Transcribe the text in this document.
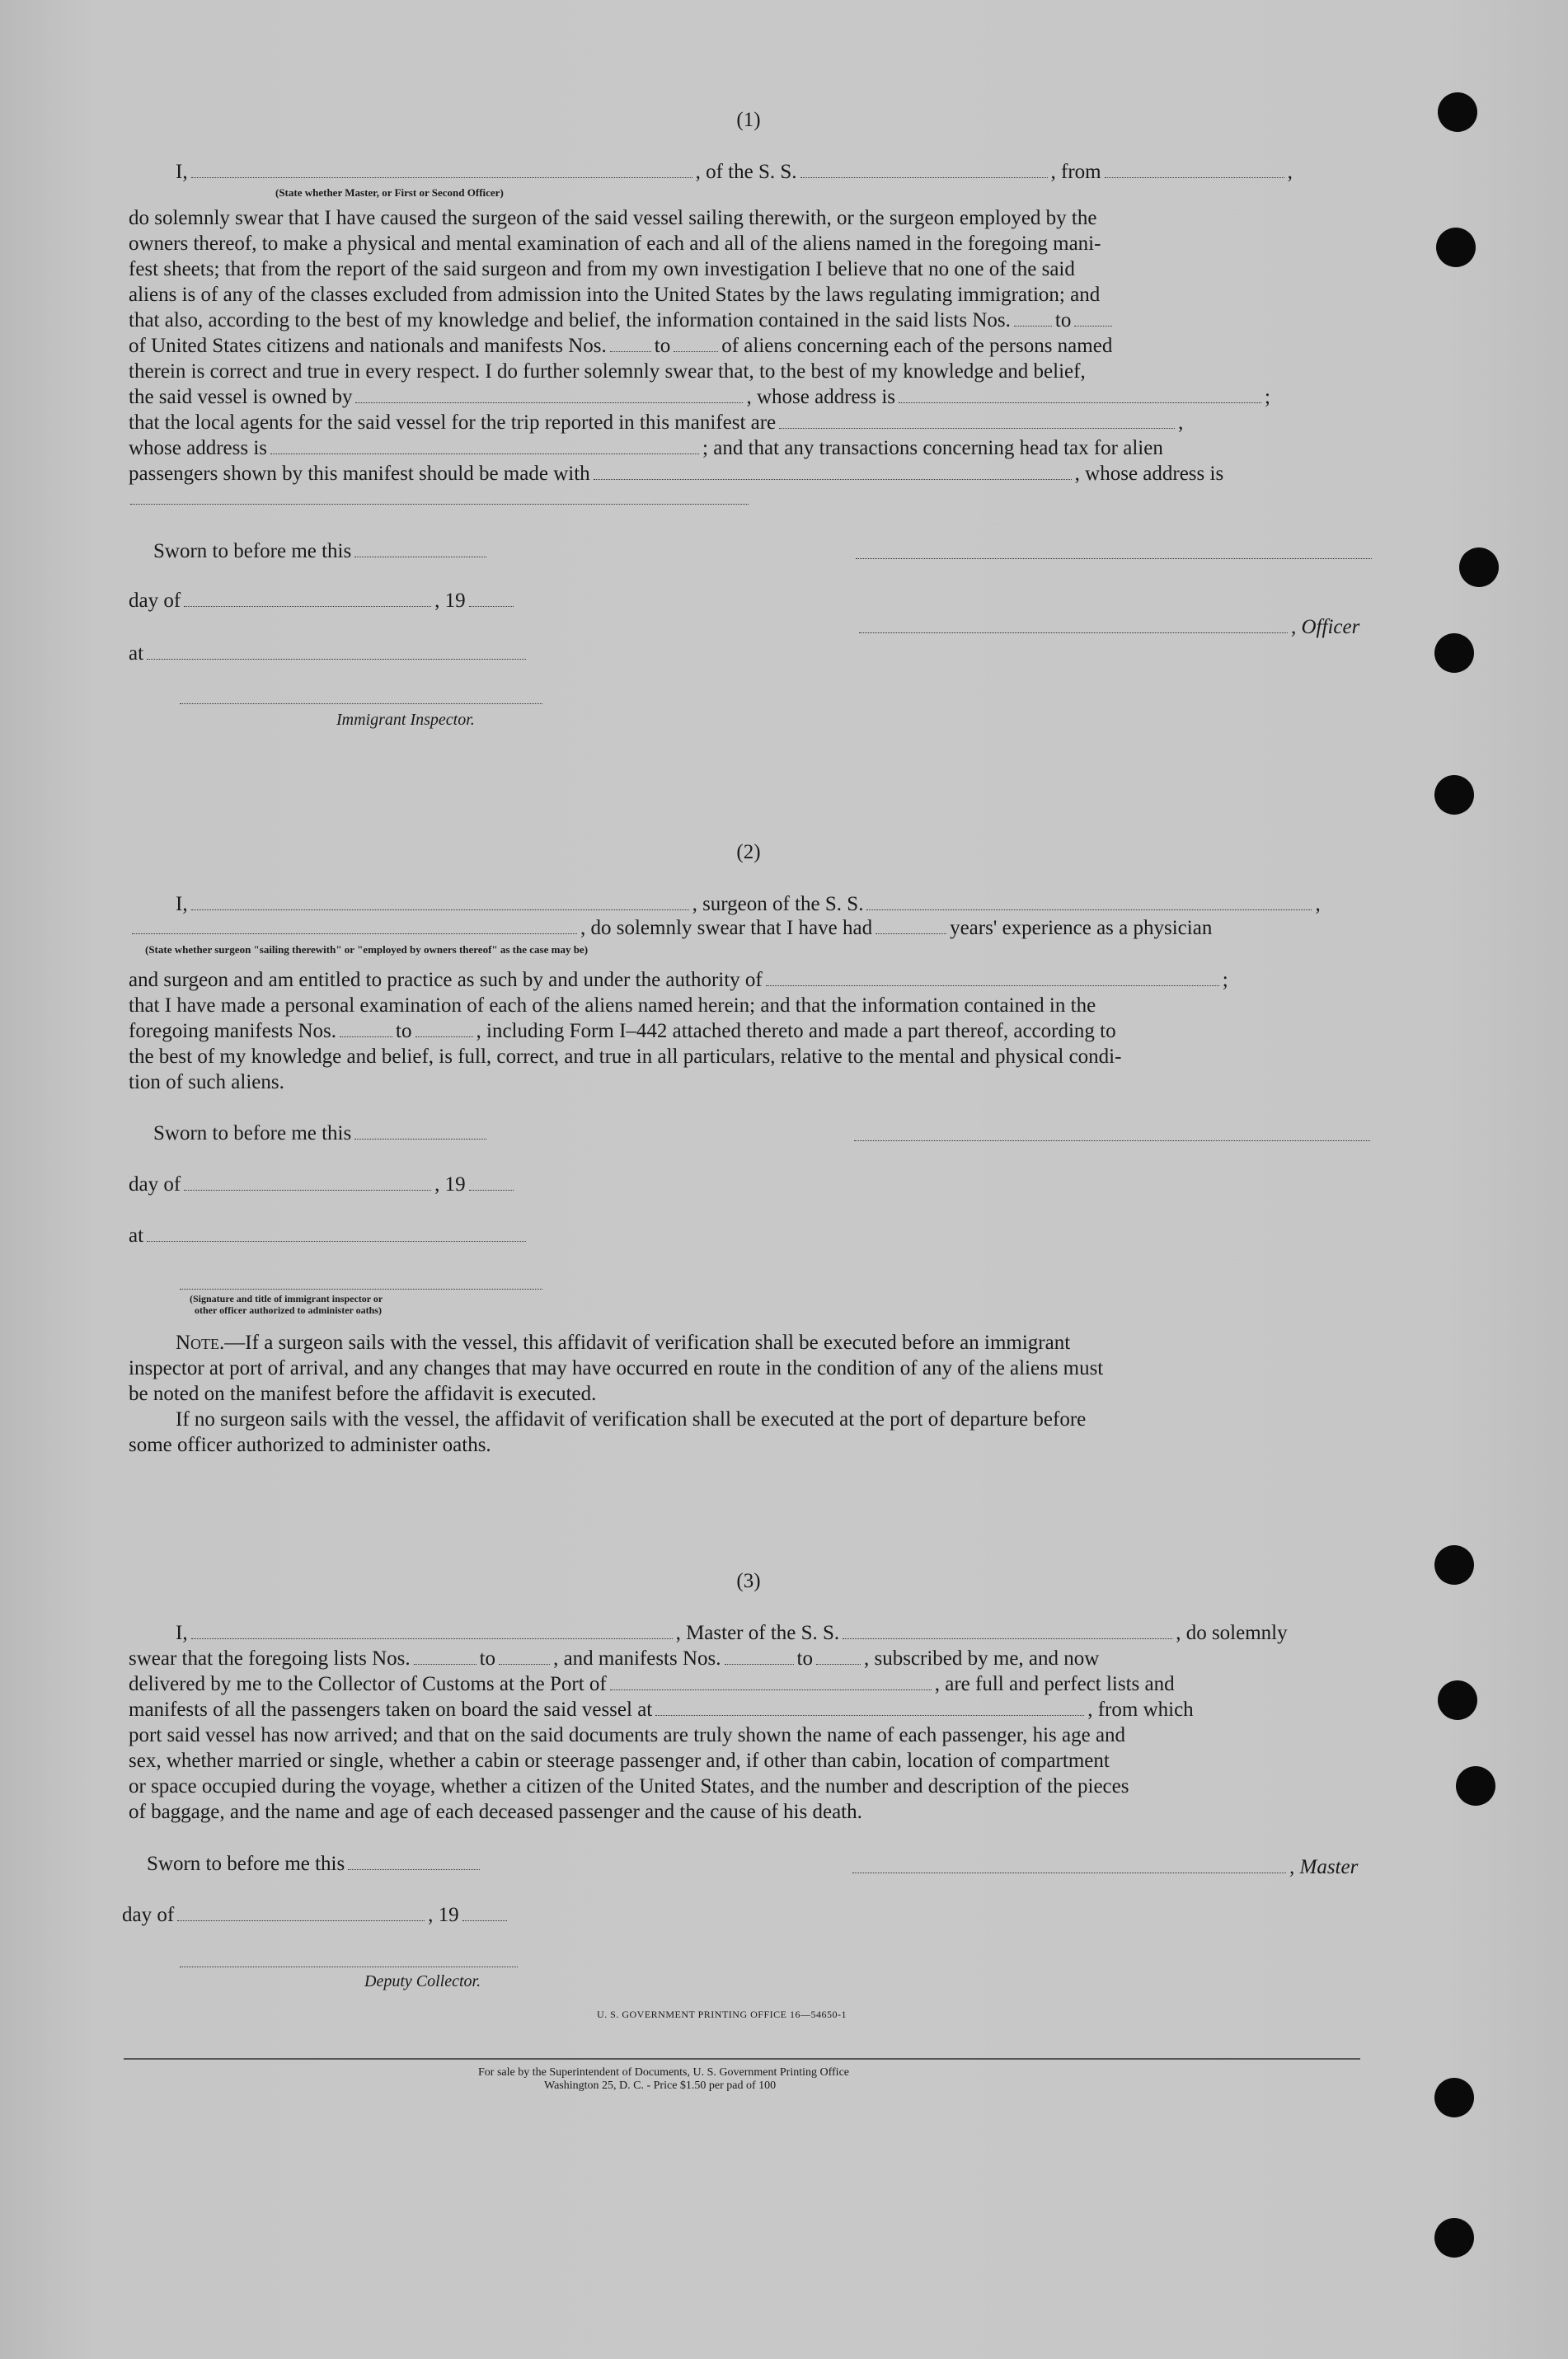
(1)
I,	, of the S. S.	, from	,
(State whether Master, or First or Second Officer)
do solemnly swear that I have caused the surgeon of the said vessel sailing therewith, or the surgeon employed by the
owners thereof, to make a physical and mental examination of each and all of the aliens named in the foregoing mani-
fest sheets; that from the report of the said surgeon and from my own investigation I believe that no one of the said
aliens is of any of the classes excluded from admission into the United States by the laws regulating immigration; and
that also, according to the best of my knowledge and belief, the information contained in the said lists Nos. to
of United States citizens and nationals and manifests Nos. to of aliens concerning each of the persons named
therein is correct and true in every respect. I do further solemnly swear that, to the best of my knowledge and belief,
the said vessel is owned by	, whose address is	;
that the local agents for the said vessel for the trip reported in this manifest are	,
whose address is	; and that any transactions concerning head tax for alien
passengers shown by this manifest should be made with	, whose address is
Sworn to before me this
day of	, 19
, Officer
at
Immigrant Inspector.
(2)
I,	, surgeon of the S. S.	,
, do solemnly swear that I have had	years' experience as a physician
(State whether surgeon "sailing therewith" or "employed by owners thereof" as the case may be)
and surgeon and am entitled to practice as such by and under the authority of	;
that I have made a personal examination of each of the aliens named herein; and that the information contained in the
foregoing manifests Nos.	to	, including Form I–442 attached thereto and made a part thereof, according to
the best of my knowledge and belief, is full, correct, and true in all particulars, relative to the mental and physical condi-
tion of such aliens.
Sworn to before me this
day of	, 19
at
(Signature and title of immigrant inspector or
other officer authorized to administer oaths)
Note.—If a surgeon sails with the vessel, this affidavit of verification shall be executed before an immigrant
inspector at port of arrival, and any changes that may have occurred en route in the condition of any of the aliens must
be noted on the manifest before the affidavit is executed.
If no surgeon sails with the vessel, the affidavit of verification shall be executed at the port of departure before
some officer authorized to administer oaths.
(3)
I,	, Master of the S. S.	, do solemnly
swear that the foregoing lists Nos.	to	, and manifests Nos.	to , subscribed by me, and now
delivered by me to the Collector of Customs at the Port of	, are full and perfect lists and
manifests of all the passengers taken on board the said vessel at	, from which
port said vessel has now arrived; and that on the said documents are truly shown the name of each passenger, his age and
sex, whether married or single, whether a cabin or steerage passenger and, if other than cabin, location of compartment
or space occupied during the voyage, whether a citizen of the United States, and the number and description of the pieces
of baggage, and the name and age of each deceased passenger and the cause of his death.
Sworn to before me this	, Master
day of	, 19
Deputy Collector.
U. S. GOVERNMENT PRINTING OFFICE 16—54650-1
For sale by the Superintendent of Documents, U. S. Government Printing Office
Washington 25, D. C. - Price $1.50 per pad of 100
